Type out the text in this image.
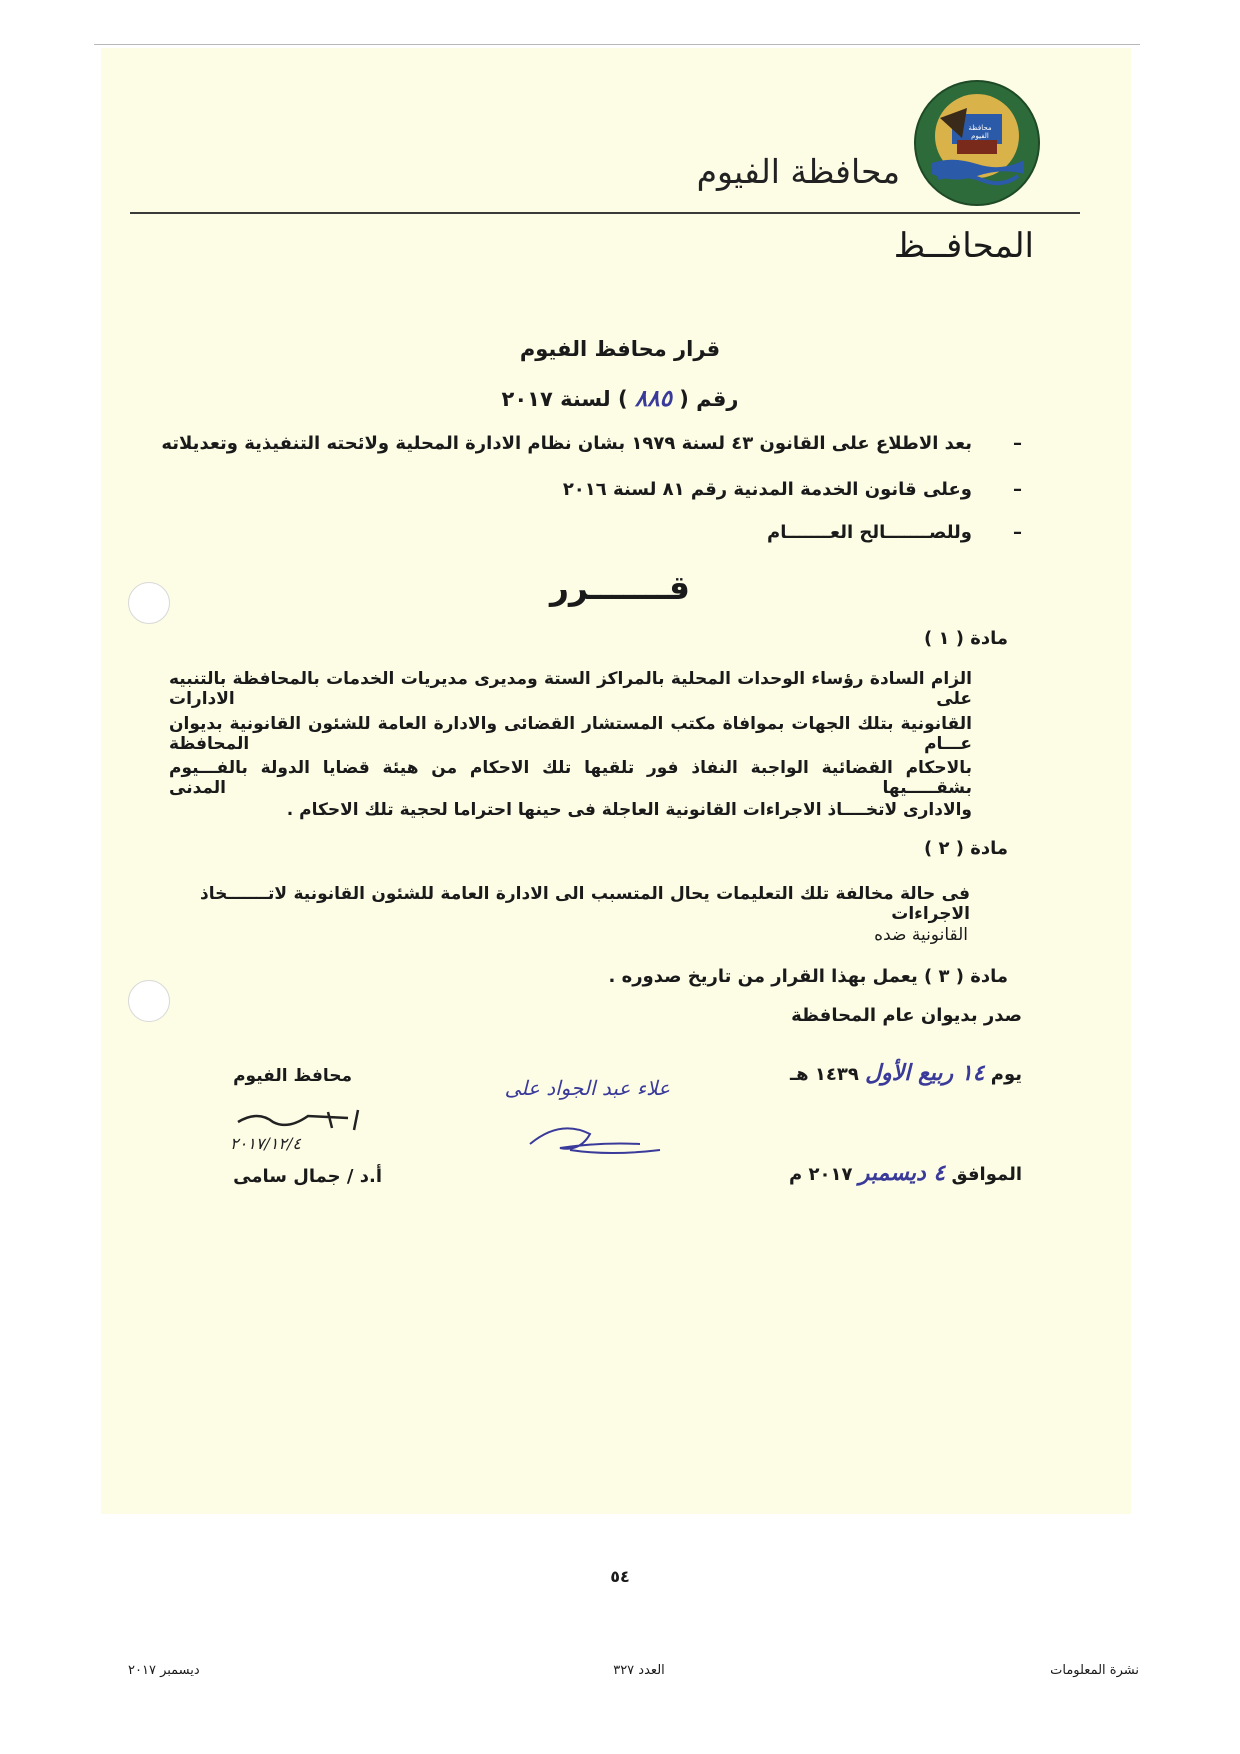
محافظة الفيوم
محافظة الفيوم
المحافــظ
قرار محافظ الفيوم
رقم ( ٨٨٥ ) لسنة ٢٠١٧
–
بعد الاطلاع على القانون ٤٣ لسنة ١٩٧٩ بشان نظام الادارة المحلية ولائحته التنفيذية وتعديلاته
–
وعلى قانون الخدمة المدنية رقم ٨١ لسنة ٢٠١٦
–
وللصـــــــالح العـــــــام
قـــــــرر
مادة ( ١ )
الزام السادة رؤساء الوحدات المحلية بالمراكز الستة ومديرى مديريات الخدمات بالمحافظة بالتنبيه على الادارات
القانونية بتلك الجهات بموافاة مكتب المستشار القضائى والادارة العامة للشئون القانونية بديوان عـــام المحافظة
بالاحكام القضائية الواجبة النفاذ فور تلقيها تلك الاحكام من هيئة قضايا الدولة بالفـــيوم بشقـــــيها المدنى
والادارى لاتخــــاذ الاجراءات القانونية العاجلة فى حينها احتراما لحجية تلك الاحكام .
مادة ( ٢ )
فى حالة مخالفة تلك التعليمات يحال المتسبب الى الادارة العامة للشئون القانونية لاتـــــــخاذ الاجراءات
القانونية ضده
مادة ( ٣ ) يعمل بهذا القرار من تاريخ صدوره .
صدر بديوان عام المحافظة
يوم ١٤ ربيع الأول ١٤٣٩ هـ
الموافق ٤ ديسمبر ٢٠١٧ م
علاء عبد الجواد على
محافظ الفيوم
٢٠١٧/١٢/٤
أ.د / جمال سامى
٥٤
ديسمبر ٢٠١٧	العدد ٣٢٧	نشرة المعلومات
